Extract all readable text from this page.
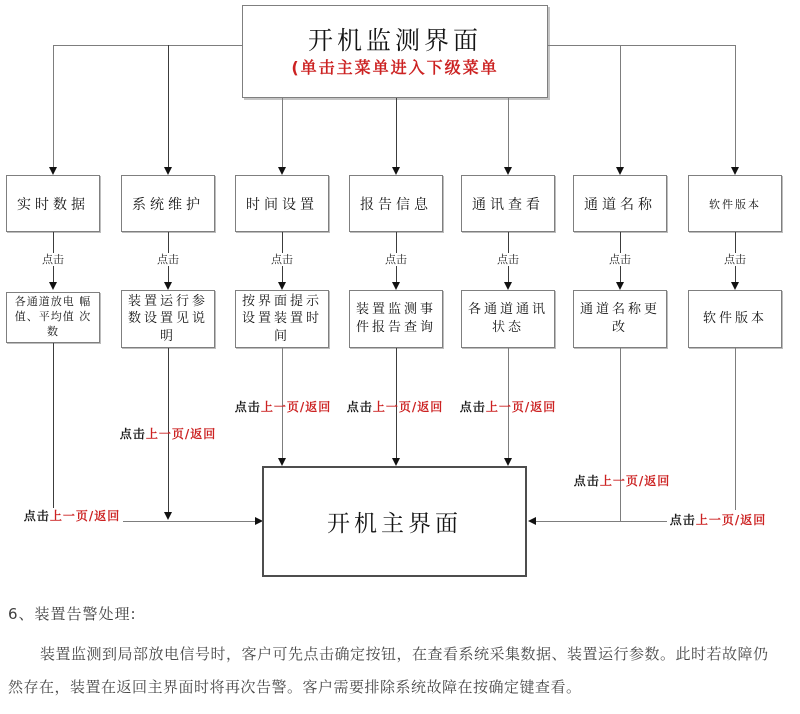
开机监测界面
(单击主菜单进入下级菜单
实时数据	系统维护	时间设置	报告信息	通讯查看	通道名称	软件版本
点击	点击	点击	点击	点击	点击	点击
各通道放电 幅值、平均值 次数
装置运行参数设置见说明
按界面提示设置装置时间
装置监测事件报告查询
各通道通讯状态
通道名称更改
软件版本
点击上一页/返回
点击上一页/返回
点击上一页/返回 点击上一页/返回 点击上一页/返回
点击上一页/返回
点击上一页/返回
开机主界面
6、装置告警处理:
装置监测到局部放电信号时，客户可先点击确定按钮，在查看系统采集数据、装置运行参数。此时若故障仍
然存在，装置在返回主界面时将再次告警。客户需要排除系统故障在按确定键查看。
